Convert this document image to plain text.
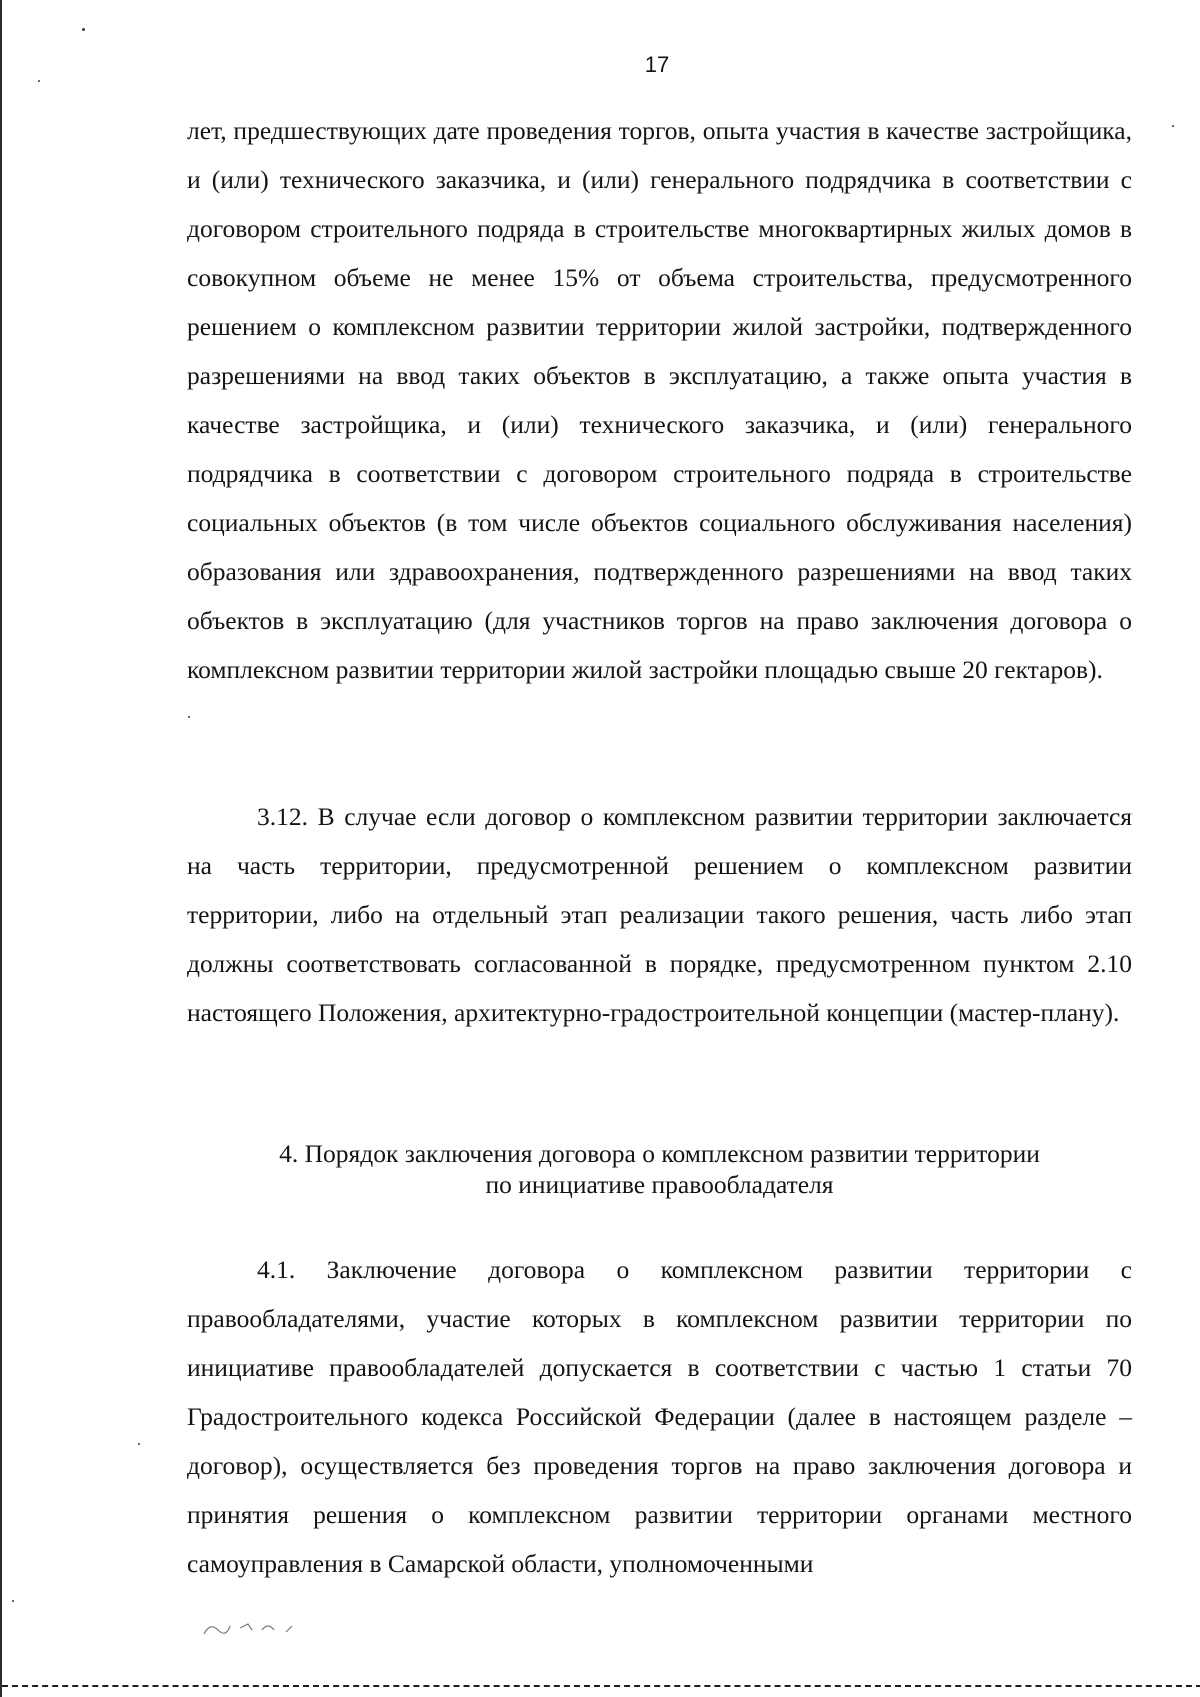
17

лет, предшествующих дате проведения торгов, опыта участия в качестве застройщика, и (или) технического заказчика, и (или) генерального подрядчика в соответствии с договором строительного подряда в строительстве многоквартирных жилых домов в совокупном объеме не менее 15% от объема строительства, предусмотренного решением о комплексном развитии территории жилой застройки, подтвержденного разрешениями на ввод таких объектов в эксплуатацию, а также опыта участия в качестве застройщика, и (или) технического заказчика, и (или) генерального подрядчика в соответствии с договором строительного подряда в строительстве социальных объектов (в том числе объектов социального обслуживания населения) образования или здравоохранения, подтвержденного разрешениями на ввод таких объектов в эксплуатацию (для участников торгов на право заключения договора о комплексном развитии территории жилой застройки площадью свыше 20 гектаров).

3.12. В случае если договор о комплексном развитии территории заключается на часть территории, предусмотренной решением о комплексном развитии территории, либо на отдельный этап реализации такого решения, часть либо этап должны соответствовать согласованной в порядке, предусмотренном пунктом 2.10 настоящего Положения, архитектурно-градостроительной концепции (мастер-плану).

4. Порядок заключения договора о комплексном развитии территории
по инициативе правообладателя

4.1. Заключение договора о комплексном развитии территории с правообладателями, участие которых в комплексном развитии территории по инициативе правообладателей допускается в соответствии с частью 1 статьи 70 Градостроительного кодекса Российской Федерации (далее в настоящем разделе – договор), осуществляется без проведения торгов на право заключения договора и принятия решения о комплексном развитии территории органами местного самоуправления в Самарской области, уполномоченными
